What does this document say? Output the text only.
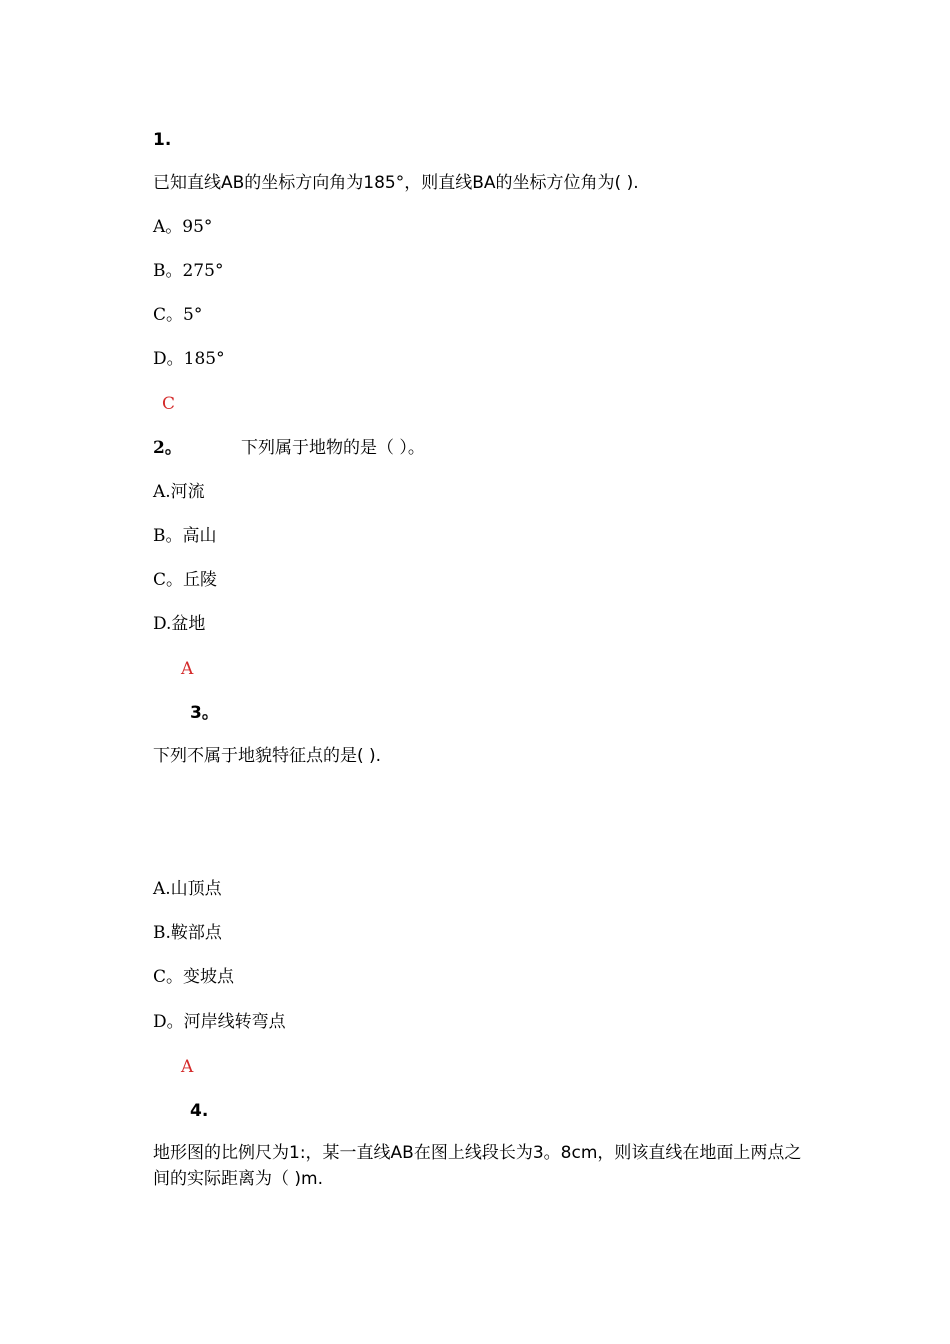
1.
已知直线AB的坐标方向角为185°，则直线BA的坐标方位角为( ).
A。95°
B。275°
C。5°
D。185°
C
2。	下列属于地物的是（ ）。
A.河流
B。高山
C。丘陵
D.盆地
A
3。
下列不属于地貌特征点的是( ).
A.山顶点
B.鞍部点
C。变坡点
D。河岸线转弯点
A
4.
地形图的比例尺为1:，某一直线AB在图上线段长为3。8cm，则该直线在地面上两点之间的实际距离为（ )m.
